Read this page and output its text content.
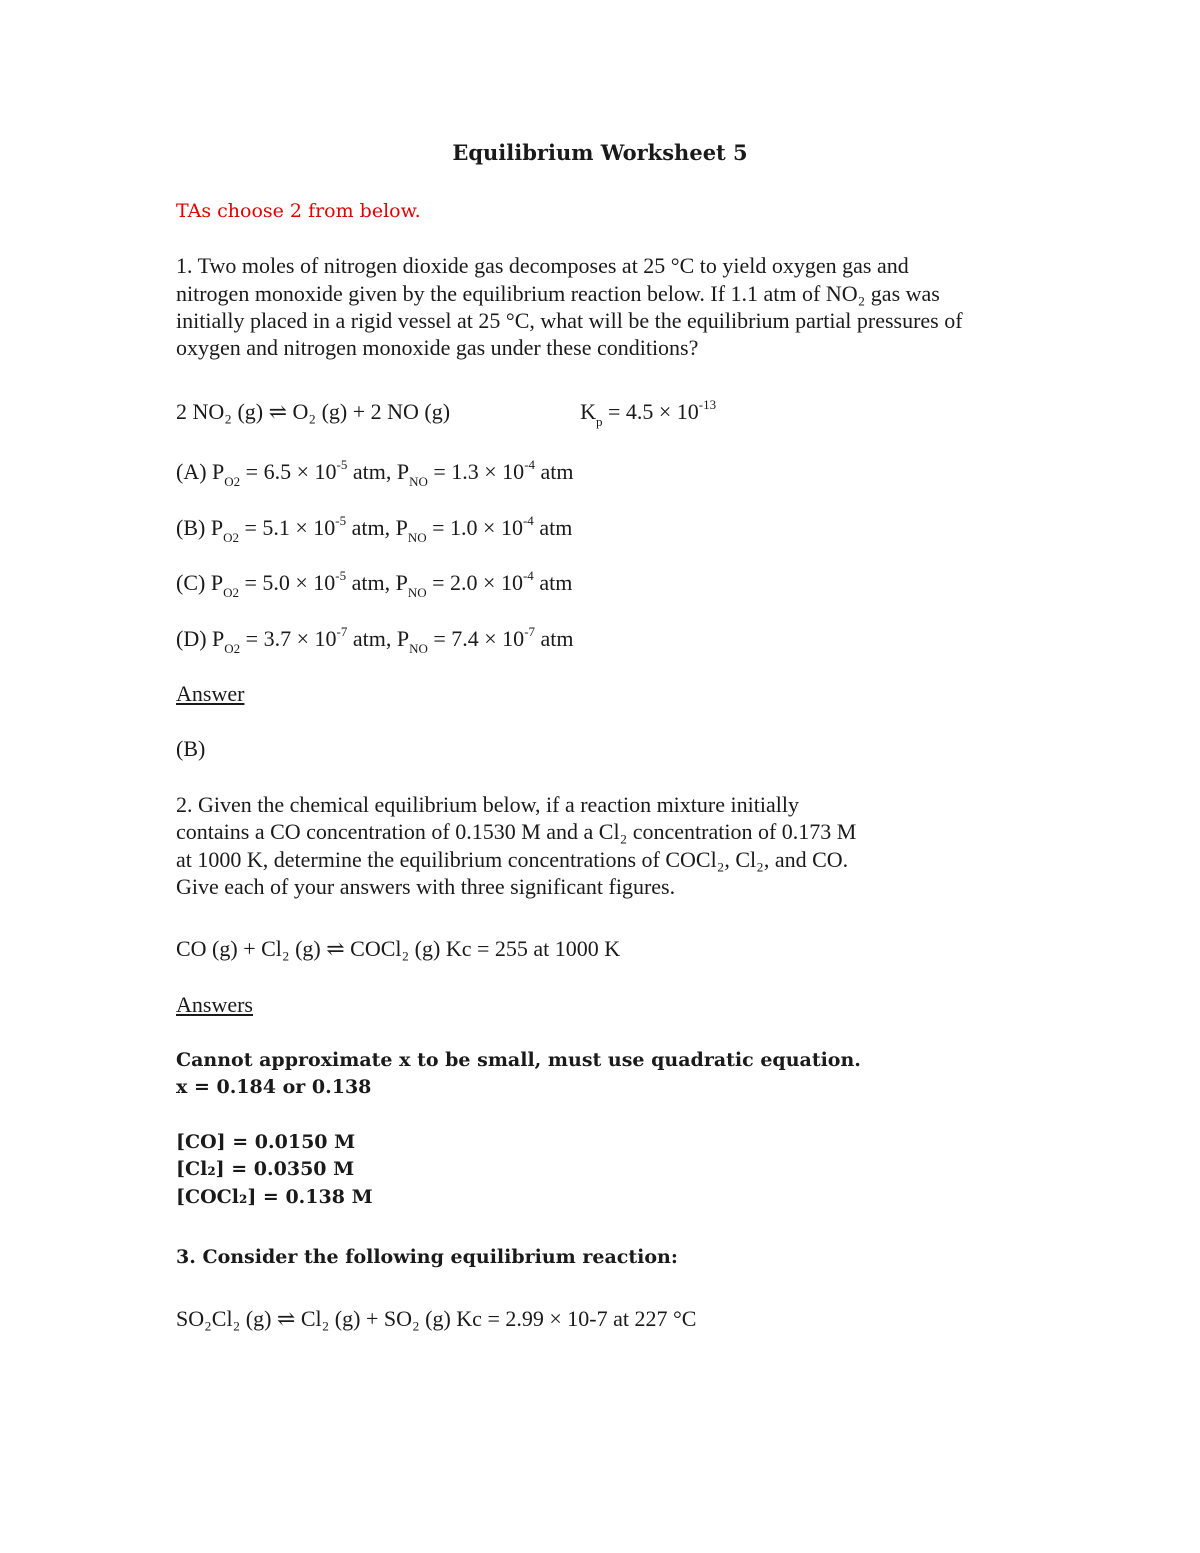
Equilibrium Worksheet 5
TAs choose 2 from below.
1. Two moles of nitrogen dioxide gas decomposes at 25 °C to yield oxygen gas and
nitrogen monoxide given by the equilibrium reaction below. If 1.1 atm of NO₂ gas was
initially placed in a rigid vessel at 25 °C, what will be the equilibrium partial pressures of
oxygen and nitrogen monoxide gas under these conditions?
2 NO₂ (g) ⇌ O₂ (g) + 2 NO (g)	$K_p = 4.5 \times 10^{-13}$
(A) $P_{O2} = 6.5 \times 10^{-5}$ atm, $P_{NO} = 1.3 \times 10^{-4}$ atm
(B) $P_{O2} = 5.1 \times 10^{-5}$ atm, $P_{NO} = 1.0 \times 10^{-4}$ atm
(C) $P_{O2} = 5.0 \times 10^{-5}$ atm, $P_{NO} = 2.0 \times 10^{-4}$ atm
(D) $P_{O2} = 3.7 \times 10^{-7}$ atm, $P_{NO} = 7.4 \times 10^{-7}$ atm
Answer
(B)
2. Given the chemical equilibrium below, if a reaction mixture initially
contains a CO concentration of 0.1530 M and a Cl₂ concentration of 0.173 M
at 1000 K, determine the equilibrium concentrations of COCl₂, Cl₂, and CO.
Give each of your answers with three significant figures.
CO (g) + Cl₂ (g) ⇌ COCl₂ (g) Kc = 255 at 1000 K
Answers
Cannot approximate x to be small, must use quadratic equation.
x = 0.184 or 0.138
[CO] = 0.0150 M
[Cl₂] = 0.0350 M
[COCl₂] = 0.138 M
3. Consider the following equilibrium reaction:
SO₂Cl₂ (g) ⇌ Cl₂ (g) + SO₂ (g) Kc = 2.99 × 10-7 at 227 °C
